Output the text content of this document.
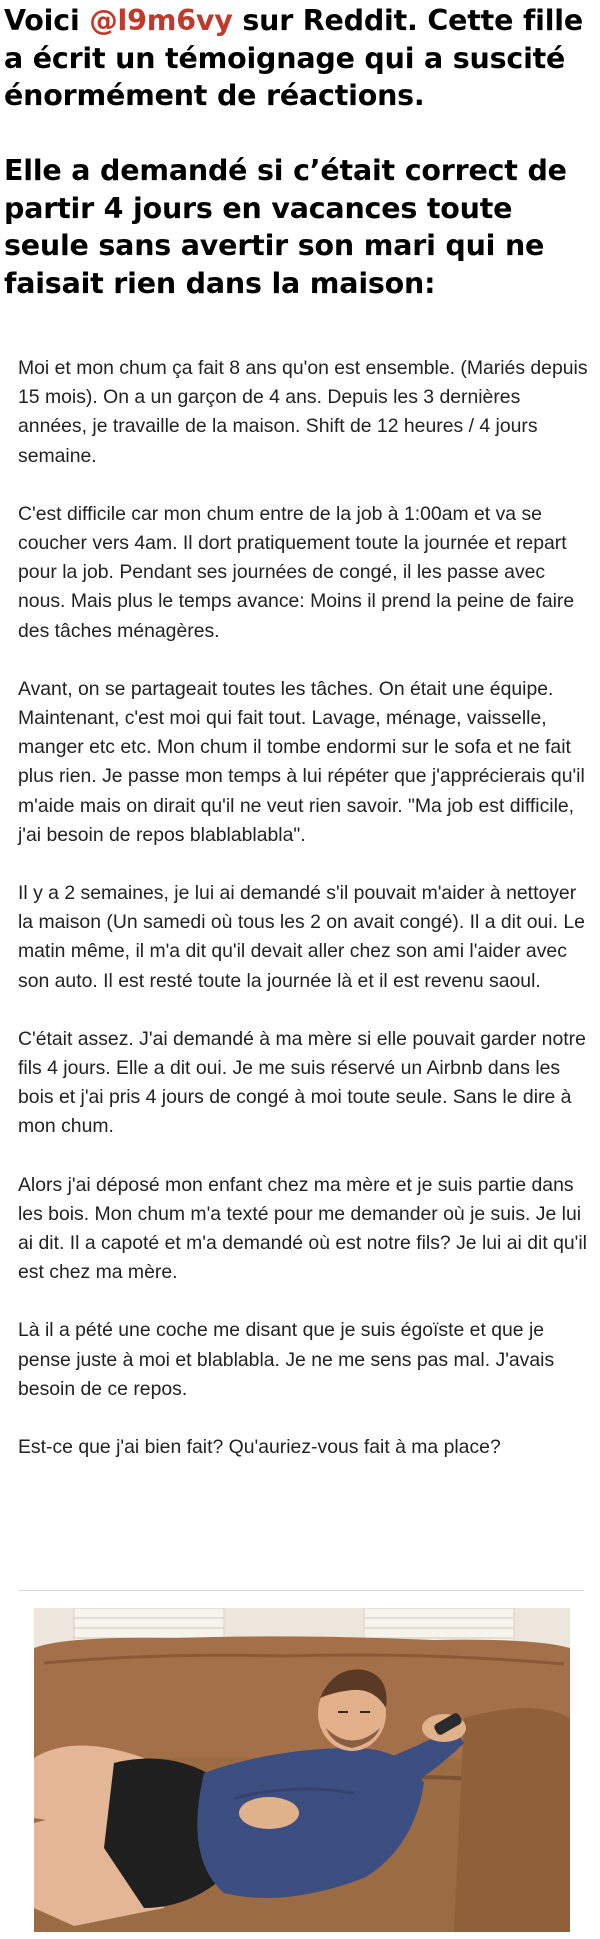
Voici @l9m6vy sur Reddit. Cette fille a écrit un témoignage qui a suscité énormément de réactions.
Elle a demandé si c’était correct de partir 4 jours en vacances toute seule sans avertir son mari qui ne faisait rien dans la maison:

Moi et mon chum ça fait 8 ans qu'on est ensemble. (Mariés depuis 15 mois). On a un garçon de 4 ans. Depuis les 3 dernières années, je travaille de la maison. Shift de 12 heures / 4 jours semaine.

C'est difficile car mon chum entre de la job à 1:00am et va se coucher vers 4am. Il dort pratiquement toute la journée et repart pour la job. Pendant ses journées de congé, il les passe avec nous. Mais plus le temps avance: Moins il prend la peine de faire des tâches ménagères.

Avant, on se partageait toutes les tâches. On était une équipe. Maintenant, c'est moi qui fait tout. Lavage, ménage, vaisselle, manger etc etc. Mon chum il tombe endormi sur le sofa et ne fait plus rien. Je passe mon temps à lui répéter que j'apprécierais qu'il m'aide mais on dirait qu'il ne veut rien savoir. "Ma job est difficile, j'ai besoin de repos blablablabla".

Il y a 2 semaines, je lui ai demandé s'il pouvait m'aider à nettoyer la maison (Un samedi où tous les 2 on avait congé). Il a dit oui. Le matin même, il m'a dit qu'il devait aller chez son ami l'aider avec son auto. Il est resté toute la journée là et il est revenu saoul.

C'était assez. J'ai demandé à ma mère si elle pouvait garder notre fils 4 jours. Elle a dit oui. Je me suis réservé un Airbnb dans les bois et j'ai pris 4 jours de congé à moi toute seule. Sans le dire à mon chum.

Alors j'ai déposé mon enfant chez ma mère et je suis partie dans les bois. Mon chum m'a texté pour me demander où je suis. Je lui ai dit. Il a capoté et m'a demandé où est notre fils? Je lui ai dit qu'il est chez ma mère.

Là il a pété une coche me disant que je suis égoïste et que je pense juste à moi et blablabla. Je ne me sens pas mal. J'avais besoin de ce repos.

Est-ce que j'ai bien fait? Qu'auriez-vous fait à ma place?
